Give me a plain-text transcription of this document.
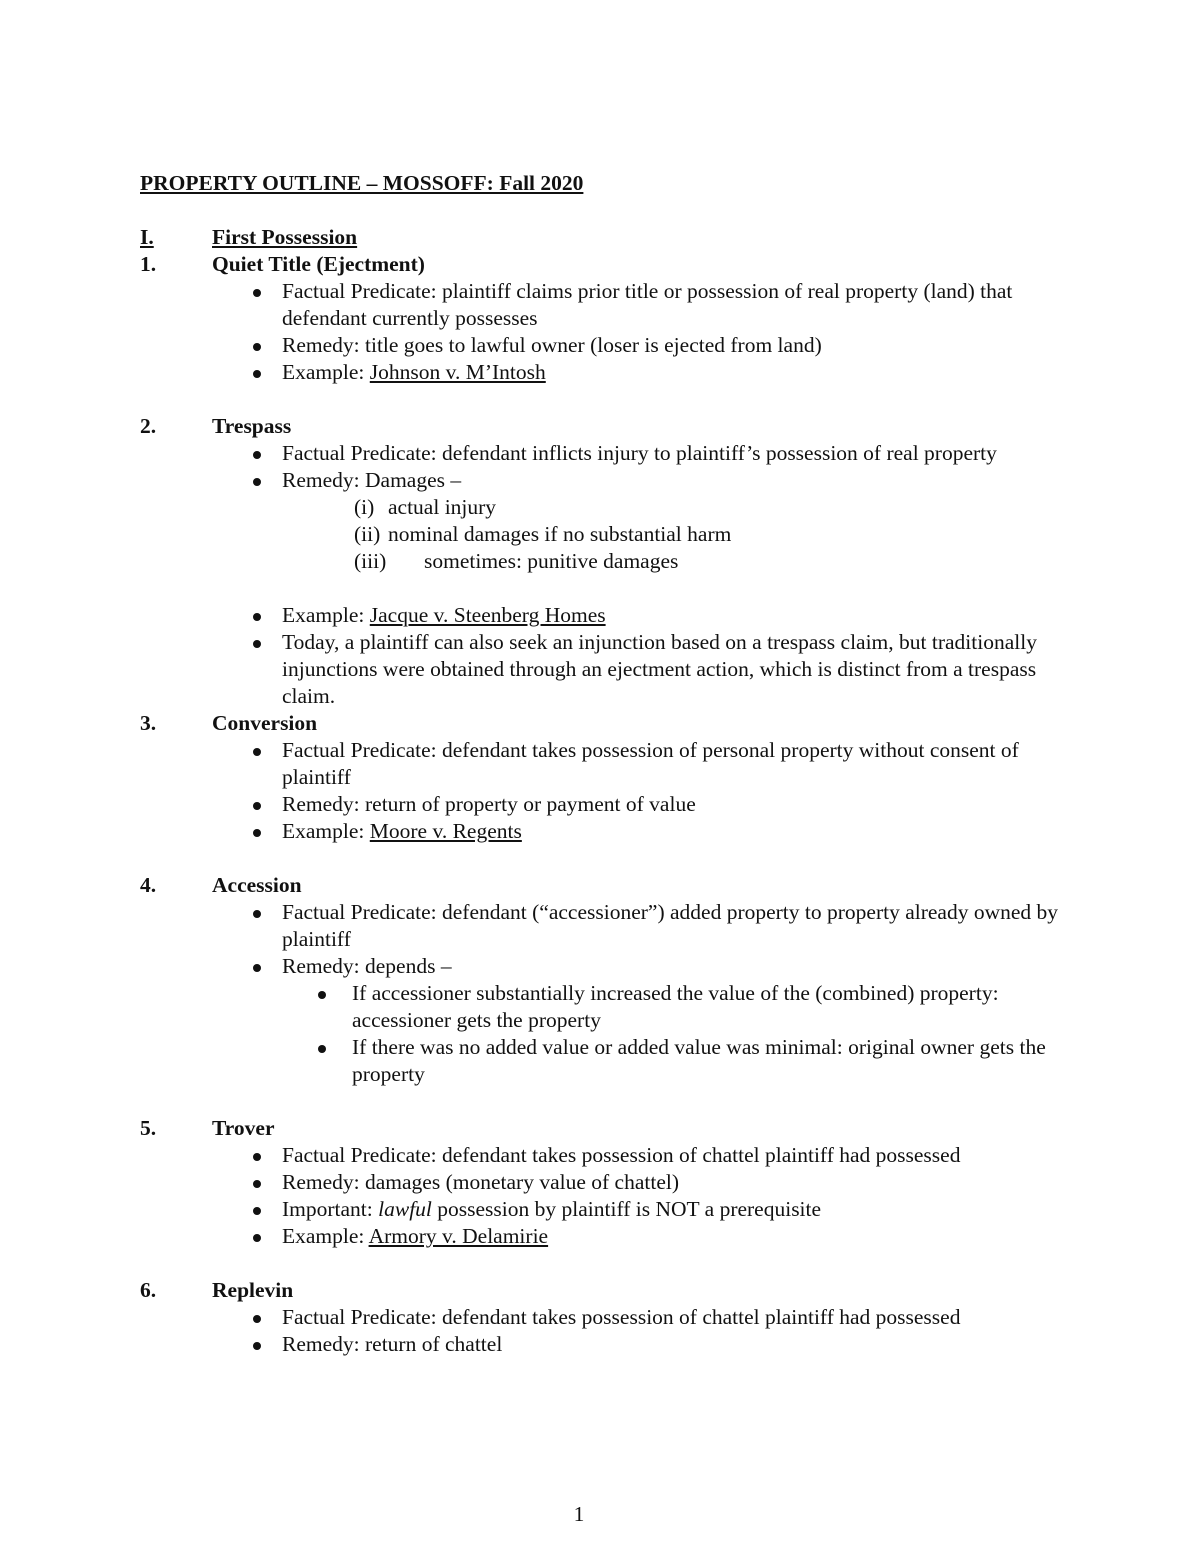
PROPERTY OUTLINE – MOSSOFF: Fall 2020
I.	First Possession
1.	Quiet Title (Ejectment)
Factual Predicate: plaintiff claims prior title or possession of real property (land) that defendant currently possesses
Remedy: title goes to lawful owner (loser is ejected from land)
Example: Johnson v. M’Intosh
2.	Trespass
Factual Predicate: defendant inflicts injury to plaintiff’s possession of real property
Remedy: Damages –
(i) actual injury
(ii) nominal damages if no substantial harm
(iii) sometimes: punitive damages
Example: Jacque v. Steenberg Homes
Today, a plaintiff can also seek an injunction based on a trespass claim, but traditionally injunctions were obtained through an ejectment action, which is distinct from a trespass claim.
3.	Conversion
Factual Predicate: defendant takes possession of personal property without consent of plaintiff
Remedy: return of property or payment of value
Example: Moore v. Regents
4.	Accession
Factual Predicate: defendant (“accessioner”) added property to property already owned by plaintiff
Remedy: depends –
If accessioner substantially increased the value of the (combined) property: accessioner gets the property
If there was no added value or added value was minimal: original owner gets the property
5.	Trover
Factual Predicate: defendant takes possession of chattel plaintiff had possessed
Remedy: damages (monetary value of chattel)
Important: lawful possession by plaintiff is NOT a prerequisite
Example: Armory v. Delamirie
6.	Replevin
Factual Predicate: defendant takes possession of chattel plaintiff had possessed
Remedy: return of chattel
1
